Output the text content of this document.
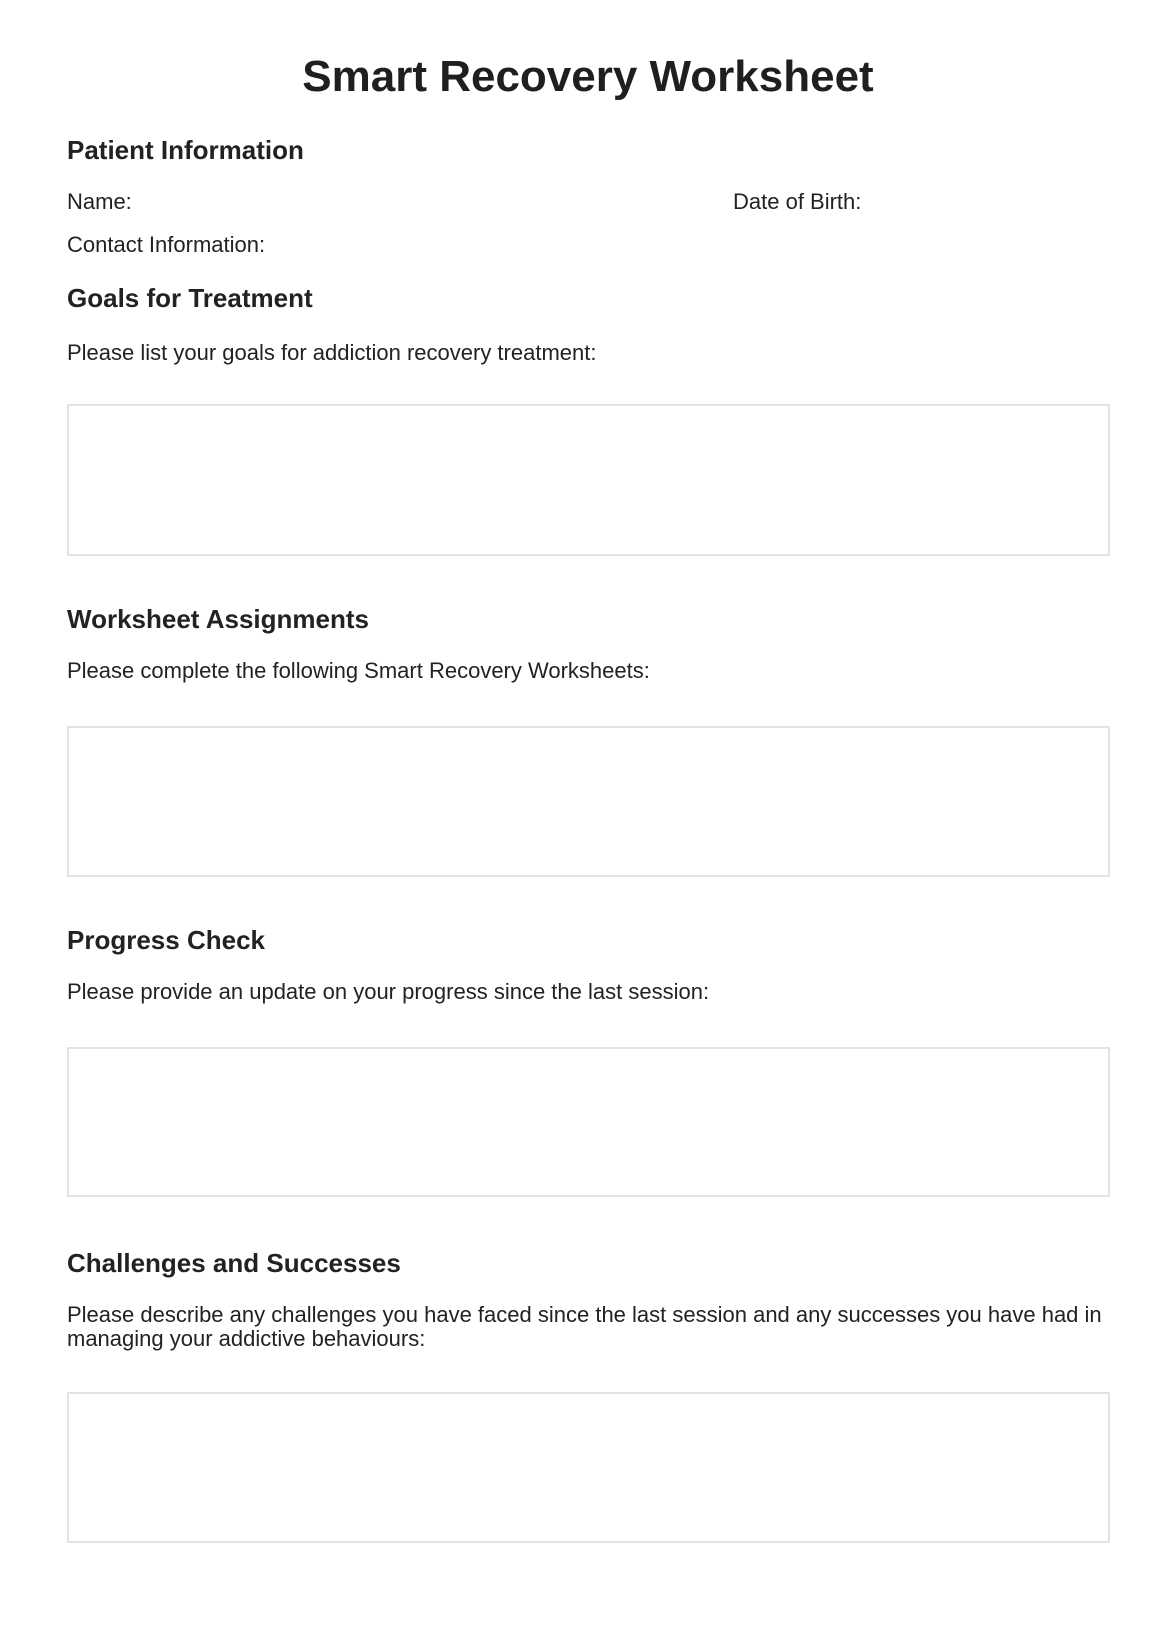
Smart Recovery Worksheet
Patient Information
Name:	Date of Birth:
Contact Information:
Goals for Treatment
Please list your goals for addiction recovery treatment:
Worksheet Assignments
Please complete the following Smart Recovery Worksheets:
Progress Check
Please provide an update on your progress since the last session:
Challenges and Successes
Please describe any challenges you have faced since the last session and any successes you have had in managing your addictive behaviours:
